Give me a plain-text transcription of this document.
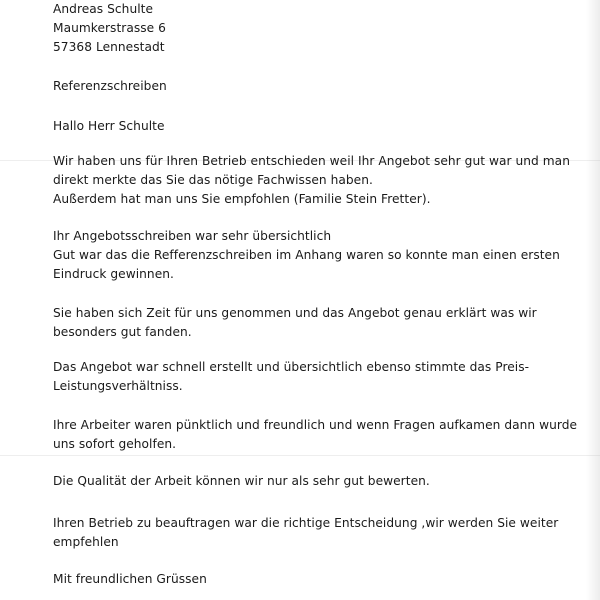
Andreas Schulte
Maumkerstrasse 6
57368 Lennestadt
Referenzschreiben
Hallo Herr Schulte
Wir haben uns für Ihren Betrieb entschieden weil Ihr Angebot sehr gut war und man
direkt merkte das Sie das nötige Fachwissen haben.
Außerdem hat man uns Sie empfohlen (Familie Stein Fretter).
Ihr Angebotsschreiben war sehr übersichtlich
Gut war das die Refferenzschreiben im Anhang waren so konnte man einen ersten
Eindruck gewinnen.
Sie haben sich Zeit für uns genommen und das Angebot genau erklärt was wir
besonders gut fanden.
Das Angebot war schnell erstellt und übersichtlich ebenso stimmte das Preis-
Leistungsverhältniss.
Ihre Arbeiter waren pünktlich und freundlich und wenn Fragen aufkamen dann wurde
uns sofort geholfen.
Die Qualität der Arbeit können wir nur als sehr gut bewerten.
Ihren Betrieb zu beauftragen war die richtige Entscheidung ,wir werden Sie weiter
empfehlen
Mit freundlichen Grüssen
